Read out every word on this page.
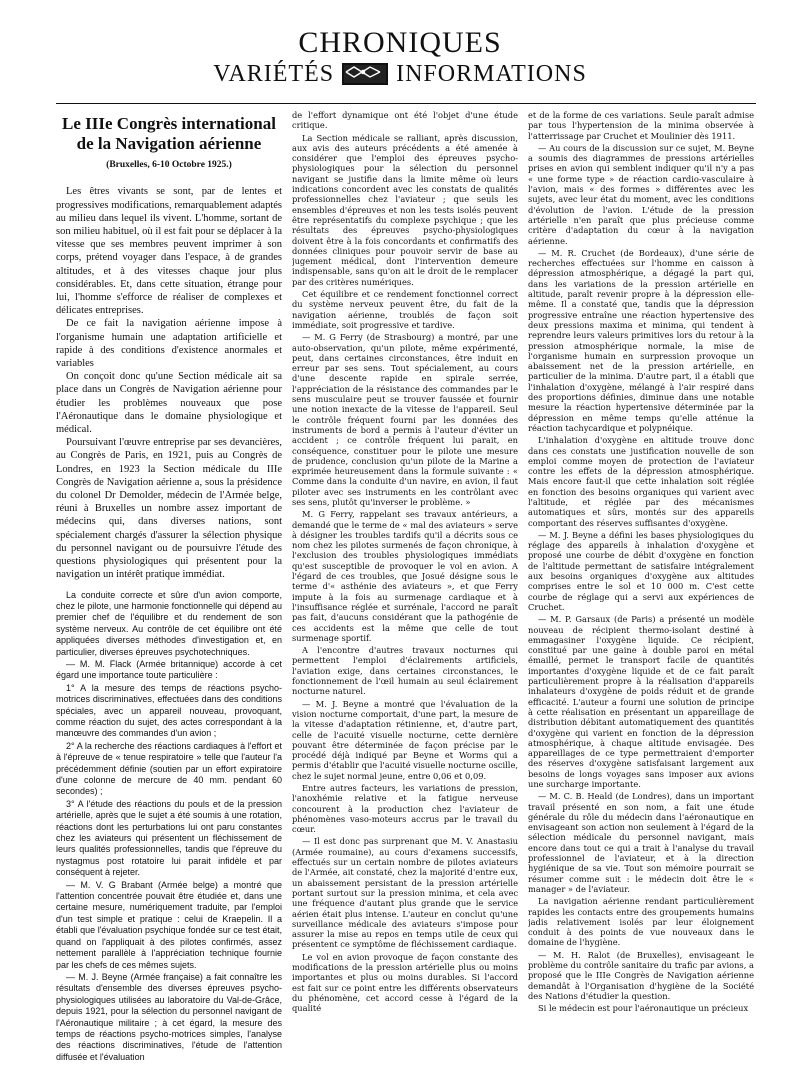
CHRONIQUES
VARIÉTÉS	INFORMATIONS
Le IIIe Congrès international
de la Navigation aérienne
(Bruxelles, 6-10 Octobre 1925.)

Les êtres vivants se sont, par de lentes et progressives modifications, remarquablement adaptés au milieu dans lequel ils vivent. L'homme, sortant de son milieu habituel, où il est fait pour se déplacer à la vitesse que ses membres peuvent imprimer à son corps, prétend voyager dans l'espace, à de grandes altitudes, et à des vitesses chaque jour plus considérables. Et, dans cette situation, étrange pour lui, l'homme s'efforce de réaliser de complexes et délicates entreprises.

De ce fait la navigation aérienne impose à l'organisme humain une adaptation artificielle et rapide à des conditions d'existence anormales et variables

On conçoit donc qu'une Section médicale ait sa place dans un Congrès de Navigation aérienne pour étudier les problèmes nouveaux que pose l'Aéronautique dans le domaine physiologique et médical.

Poursuivant l'œuvre entreprise par ses devancières, au Congrès de Paris, en 1921, puis au Congrès de Londres, en 1923 la Section médicale du IIIe Congrès de Navigation aérienne a, sous la présidence du colonel Dr Demolder, médecin de l'Armée belge, réuni à Bruxelles un nombre assez important de médecins qui, dans diverses nations, sont spécialement chargés d'assurer la sélection physique du personnel navigant ou de poursuivre l'étude des questions physiologiques qui présentent pour la navigation un intérêt pratique immédiat.

La conduite correcte et sûre d'un avion comporte, chez le pilote, une harmonie fonctionnelle qui dépend au premier chef de l'équilibre et du rendement de son système nerveux. Au contrôle de cet équilibre ont été appliquées diverses méthodes d'investigation et, en particulier, diverses épreuves psychotechniques.

— M. M. Flack (Armée britannique) accorde à cet égard une importance toute particulière :

1° A la mesure des temps de réactions psycho-motrices discriminatives, effectuées dans des conditions spéciales, avec un appareil nouveau, provoquant, comme réaction du sujet, des actes correspondant à la manœuvre des commandes d'un avion ;

2° A la recherche des réactions cardiaques à l'effort et à l'épreuve de « tenue respiratoire » telle que l'auteur l'a précédemment définie (soutien par un effort expiratoire d'une colonne de mercure de 40 mm. pendant 60 secondes) ;

3° A l'étude des réactions du pouls et de la pression artérielle, après que le sujet a été soumis à une rotation, réactions dont les perturbations lui ont paru constantes chez les aviateurs qui présentent un fléchissement de leurs qualités professionnelles, tandis que l'épreuve du nystagmus post rotatoire lui parait infidèle et par conséquent à rejeter.

— M. V. G Brabant (Armée belge) a montré que l'attention concentrée pouvait être étudiée et, dans une certaine mesure, numériquement traduite, par l'emploi d'un test simple et pratique : celui de Kraepelin. Il a établi que l'évaluation psychique fondée sur ce test était, quand on l'appliquait à des pilotes confirmés, assez nettement parallèle à l'appréciation technique fournie par les chefs de ces mêmes sujets.

— M. J. Beyne (Armée française) a fait connaître les résultats d'ensemble des diverses épreuves psycho-physiologiques utilisées au laboratoire du Val-de-Grâce, depuis 1921, pour la sélection du personnel navigant de l'Aéronautique militaire ; à cet égard, la mesure des temps de réactions psycho-motrices simples, l'analyse des réactions discriminatives, l'étude de l'attention diffusée et l'évaluation

de l'effort dynamique ont été l'objet d'une étude critique.

La Section médicale se ralliant, après discussion, aux avis des auteurs précédents a été amenée à considérer que l'emploi des épreuves psycho-physiologiques pour la sélection du personnel navigant se justifie dans la limite même où leurs indications concordent avec les constats de qualités professionnelles chez l'aviateur ; que seuls les ensembles d'épreuves et non les tests isolés peuvent être représentatifs du complexe psychique ; que les résultats des épreuves psycho-physiologiques doivent être à la fois concordants et confirmatifs des données cliniques pour pouvoir servir de base au jugement médical, dont l'intervention demeure indispensable, sans qu'on ait le droit de le remplacer par des critères numériques.

Cet équilibre et ce rendement fonctionnel correct du système nerveux peuvent être, du fait de la navigation aérienne, troublés de façon soit immédiate, soit progressive et tardive.

— M. G Ferry (de Strasbourg) a montré, par une auto-observation, qu'un pilote, même expérimenté, peut, dans certaines circonstances, être induit en erreur par ses sens. Tout spécialement, au cours d'une descente rapide en spirale serrée, l'appréciation de la résistance des commandes par le sens musculaire peut se trouver faussée et fournir une notion inexacte de la vitesse de l'appareil. Seul le contrôle fréquent fourni par les données des instruments de bord a permis à l'auteur d'éviter un accident ; ce contrôle fréquent lui parait, en conséquence, constituer pour le pilote une mesure de prudence, conclusion qu'un pilote de la Marine a exprimée heureusement dans la formule suivante : « Comme dans la conduite d'un navire, en avion, il faut piloter avec ses instruments en les contrôlant avec ses sens, plutôt qu'inverser le problème. »

M. G Ferry, rappelant ses travaux antérieurs, a demandé que le terme de « mal des aviateurs » serve à désigner les troubles tardifs qu'il a décrits sous ce nom chez les pilotes surmenés de façon chronique, à l'exclusion des troubles physiologiques immédiats qu'est susceptible de provoquer le vol en avion. A l'égard de ces troubles, que Josué désigne sous le terme d'« asthénie des aviateurs », et que Ferry impute à la fois au surmenage cardiaque et à l'insuffisance réglée et surrénale, l'accord ne paraît pas fait, d'aucuns considérant que la pathogénie de ces accidents est la même que celle de tout surmenage sportif.

A l'encontre d'autres travaux nocturnes qui permettent l'emploi d'éclairements artificiels, l'aviation exige, dans certaines circonstances, le fonctionnement de l'œil humain au seul éclairement nocturne naturel.

— M. J. Beyne a montré que l'évaluation de la vision nocturne comportait, d'une part, la mesure de la vitesse d'adaptation rétinienne, et, d'autre part, celle de l'acuité visuelle nocturne, cette dernière pouvant être déterminée de façon précise par le procédé déjà indiqué par Beyne et Worms qui a permis d'établir que l'acuité visuelle nocturne oscille, chez le sujet normal jeune, entre 0,06 et 0,09.

Entre autres facteurs, les variations de pression, l'anoxhémie relative et la fatigue nerveuse concourent à la production chez l'aviateur de phénomènes vaso-moteurs accrus par le travail du cœur.

— Il est donc pas surprenant que M. V. Anastasiu (Armée roumaine), au cours d'examens successifs, effectués sur un certain nombre de pilotes aviateurs de l'Armée, ait constaté, chez la majorité d'entre eux, un abaissement persistant de la pression artérielle portant surtout sur la pression minima, et cela avec une fréquence d'autant plus grande que le service aérien était plus intense. L'auteur en conclut qu'une surveillance médicale des aviateurs s'impose pour assurer la mise au repos en temps utile de ceux qui présentent ce symptôme de fléchissement cardiaque.

Le vol en avion provoque de façon constante des modifications de la pression artérielle plus ou moins importantes et plus ou moins durables. Si l'accord est fait sur ce point entre les différents observateurs du phénomène, cet accord cesse à l'égard de la qualité

et de la forme de ces variations. Seule paraît admise par tous l'hypertension de la minima observée à l'atterrissage par Cruchet et Moulinier dès 1911.

— Au cours de la discussion sur ce sujet, M. Beyne a soumis des diagrammes de pressions artérielles prises en avion qui semblent indiquer qu'il n'y a pas « une forme type » de réaction cardio-vasculaire à l'avion, mais « des formes » différentes avec les sujets, avec leur état du moment, avec les conditions d'évolution de l'avion. L'étude de la pression artérielle n'en paraît que plus précieuse comme critère d'adaptation du cœur à la navigation aérienne.

— M. R. Cruchet (de Bordeaux), d'une série de recherches effectuées sur l'homme en caisson à dépression atmosphérique, a dégagé la part qui, dans les variations de la pression artérielle en altitude, paraît revenir propre à la dépression elle-même. Il a constaté que, tandis que la dépression progressive entraîne une réaction hypertensive des deux pressions maxima et minima, qui tendent à reprendre leurs valeurs primitives lors du retour à la pression atmosphérique normale, la mise de l'organisme humain en surpression provoque un abaissement net de la pression artérielle, en particulier de la minima. D'autre part, il a établi que l'inhalation d'oxygène, mélangé à l'air respiré dans des proportions définies, diminue dans une notable mesure la réaction hypertensive déterminée par la dépression en même temps qu'elle atténue la réaction tachycardique et polypnéique.

L'inhalation d'oxygène en altitude trouve donc dans ces constats une justification nouvelle de son emploi comme moyen de protection de l'aviateur contre les effets de la dépression atmosphérique. Mais encore faut-il que cette inhalation soit réglée en fonction des besoins organiques qui varient avec l'altitude, et réglée par des mécanismes automatiques et sûrs, montés sur des appareils comportant des réserves suffisantes d'oxygène.

— M. J. Beyne a défini les bases physiologiques du réglage des appareils à inhalation d'oxygène et proposé une courbe de débit d'oxygène en fonction de l'altitude permettant de satisfaire intégralement aux besoins organiques d'oxygène aux altitudes comprises entre le sol et 10 000 m. C'est cette courbe de réglage qui a servi aux expériences de Cruchet.

— M. P. Garsaux (de Paris) a présenté un modèle nouveau de récipient thermo-isolant destiné à emmagasiner l'oxygène liquide. Ce récipient, constitué par une gaine à double paroi en métal émaillé, permet le transport facile de quantités importantes d'oxygène liquide et de ce fait paraît particulièrement propre à la réalisation d'appareils inhalateurs d'oxygène de poids réduit et de grande efficacité. L'auteur a fourni une solution de principe à cette réalisation en présentant un appareillage de distribution débitant automatiquement des quantités d'oxygène qui varient en fonction de la dépression atmosphérique, à chaque altitude envisagée. Des appareillages de ce type permettraient d'emporter des réserves d'oxygène satisfaisant largement aux besoins de longs voyages sans imposer aux avions une surcharge importante.

— M. C. B. Heald (de Londres), dans un important travail présenté en son nom, a fait une étude générale du rôle du médecin dans l'aéronautique en envisageant son action non seulement à l'égard de la sélection médicale du personnel navigant, mais encore dans tout ce qui a trait à l'analyse du travail professionnel de l'aviateur, et à la direction hygiénique de sa vie. Tout son mémoire pourrait se résumer comme suit : le médecin doit être le « manager » de l'aviateur.

La navigation aérienne rendant particulièrement rapides les contacts entre des groupements humains jadis relativement isolés par leur éloignement conduit à des points de vue nouveaux dans le domaine de l'hygiène.

— M. H. Ralot (de Bruxelles), envisageant le problème du contrôle sanitaire du trafic par avions, a proposé que le IIIe Congrès de Navigation aérienne demandât à l'Organisation d'hygiène de la Société des Nations d'étudier la question.

Si le médecin est pour l'aéronautique un précieux
